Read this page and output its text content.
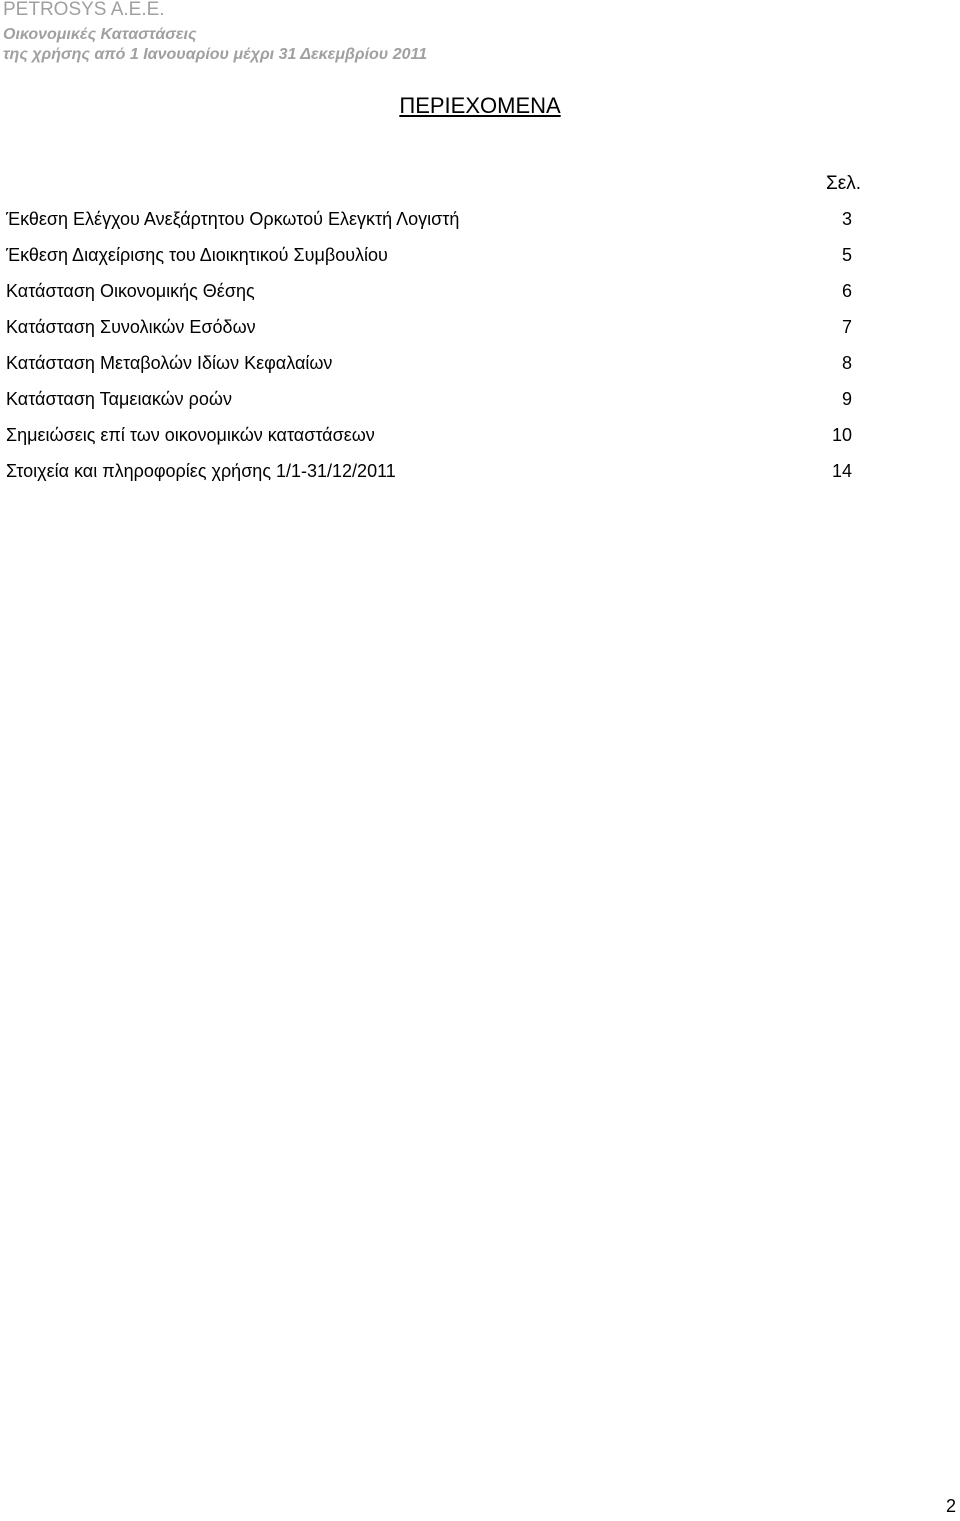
PETROSYS A.E.E.
Οικονομικές Καταστάσεις
της χρήσης από 1 Ιανουαρίου μέχρι 31 Δεκεμβρίου 2011
ΠΕΡΙΕΧΟΜΕΝΑ
Σελ.
Έκθεση Ελέγχου Ανεξάρτητου Ορκωτού Ελεγκτή Λογιστή	3
Έκθεση Διαχείρισης του Διοικητικού Συμβουλίου	5
Κατάσταση Οικονομικής Θέσης	6
Κατάσταση Συνολικών Εσόδων	7
Κατάσταση Μεταβολών Ιδίων Κεφαλαίων	8
Κατάσταση Ταμειακών ροών	9
Σημειώσεις επί των οικονομικών καταστάσεων	10
Στοιχεία και πληροφορίες χρήσης 1/1-31/12/2011	14
2
